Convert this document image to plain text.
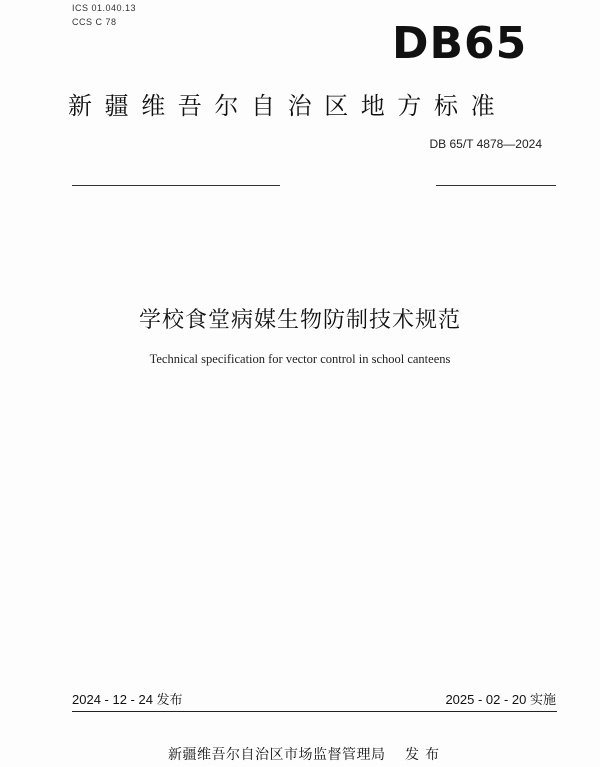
ICS 01.040.13
CCS C 78	DB65
新疆维吾尔自治区地方标准
DB 65/T 4878—2024
学校食堂病媒生物防制技术规范
Technical specification for vector control in school canteens
2024 - 12 - 24 发布	2025 - 02 - 20 实施
新疆维吾尔自治区市场监督管理局 发布
